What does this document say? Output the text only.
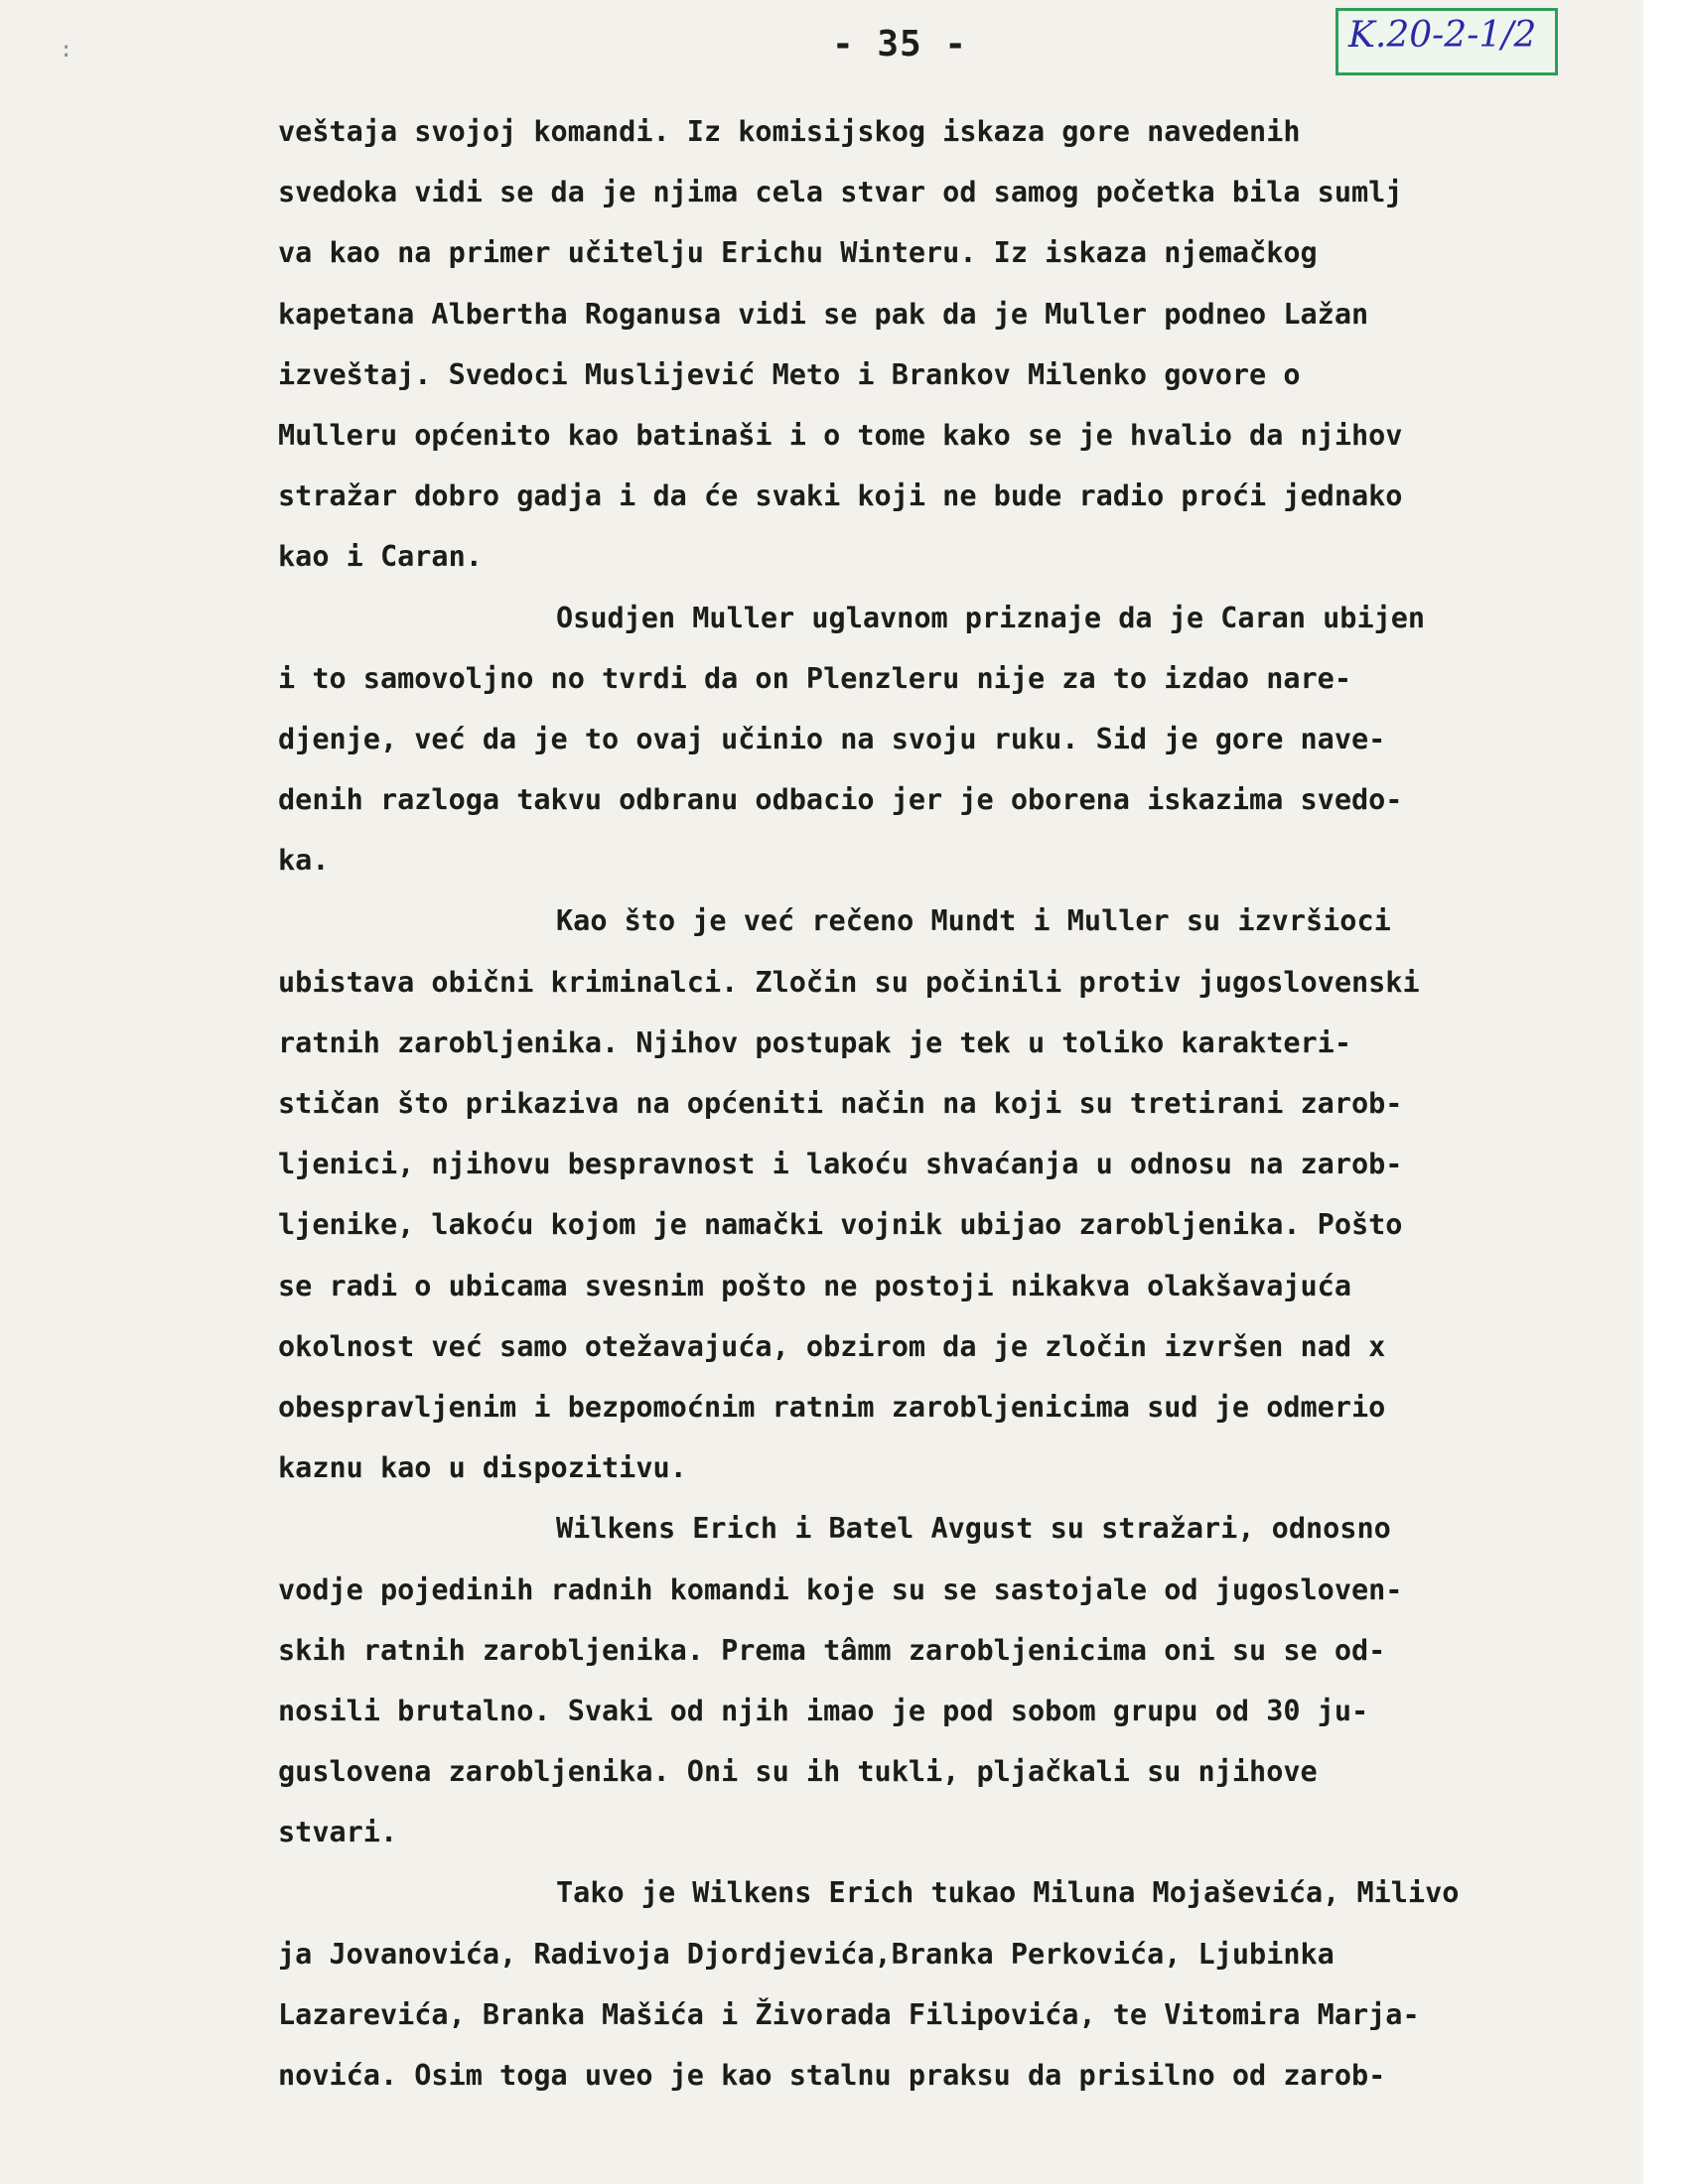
:	- 35 -	K.20-2-1/2
veštaja svojoj komandi. Iz komisijskog iskaza gore navedenih
svedoka vidi se da je njima cela stvar od samog početka bila sumlj
va kao na primer učitelju Erichu Winteru. Iz iskaza njemačkog
kapetana Albertha Roganusa vidi se pak da je Muller podneo Lažan
izveštaj. Svedoci Muslijević Meto i Brankov Milenko govore o
Mulleru općenito kao batinaši i o tome kako se je hvalio da njihov
stražar dobro gadja i da će svaki koji ne bude radio proći jednako
kao i Caran.
Osudjen Muller uglavnom priznaje da je Caran ubijen
i to samovoljno no tvrdi da on Plenzleru nije za to izdao nare-
djenje, već da je to ovaj učinio na svoju ruku. Sid je gore nave-
denih razloga takvu odbranu odbacio jer je oborena iskazima svedo-
ka.
Kao što je već rečeno Mundt i Muller su izvršioci
ubistava obični kriminalci. Zločin su počinili protiv jugoslovenski
ratnih zarobljenika. Njihov postupak je tek u toliko karakteri-
stičan što prikaziva na općeniti način na koji su tretirani zarob-
ljenici, njihovu bespravnost i lakoću shvaćanja u odnosu na zarob-
ljenike, lakoću kojom je namački vojnik ubijao zarobljenika. Pošto
se radi o ubicama svesnim pošto ne postoji nikakva olakšavajuća
okolnost već samo otežavajuća, obzirom da je zločin izvršen nad x
obespravljenim i bezpomoćnim ratnim zarobljenicima sud je odmerio
kaznu kao u dispozitivu.
Wilkens Erich i Batel Avgust su stražari, odnosno
vodje pojedinih radnih komandi koje su se sastojale od jugosloven-
skih ratnih zarobljenika. Prema tâmm zarobljenicima oni su se od-
nosili brutalno. Svaki od njih imao je pod sobom grupu od 30 ju-
guslovena zarobljenika. Oni su ih tukli, pljačkali su njihove
stvari.
Tako je Wilkens Erich tukao Miluna Mojaševića, Milivo
ja Jovanovića, Radivoja Djordjevića,Branka Perkovića, Ljubinka
Lazarevića, Branka Mašića i Živorada Filipovića, te Vitomira Marja-
novića. Osim toga uveo je kao stalnu praksu da prisilno od zarob-
